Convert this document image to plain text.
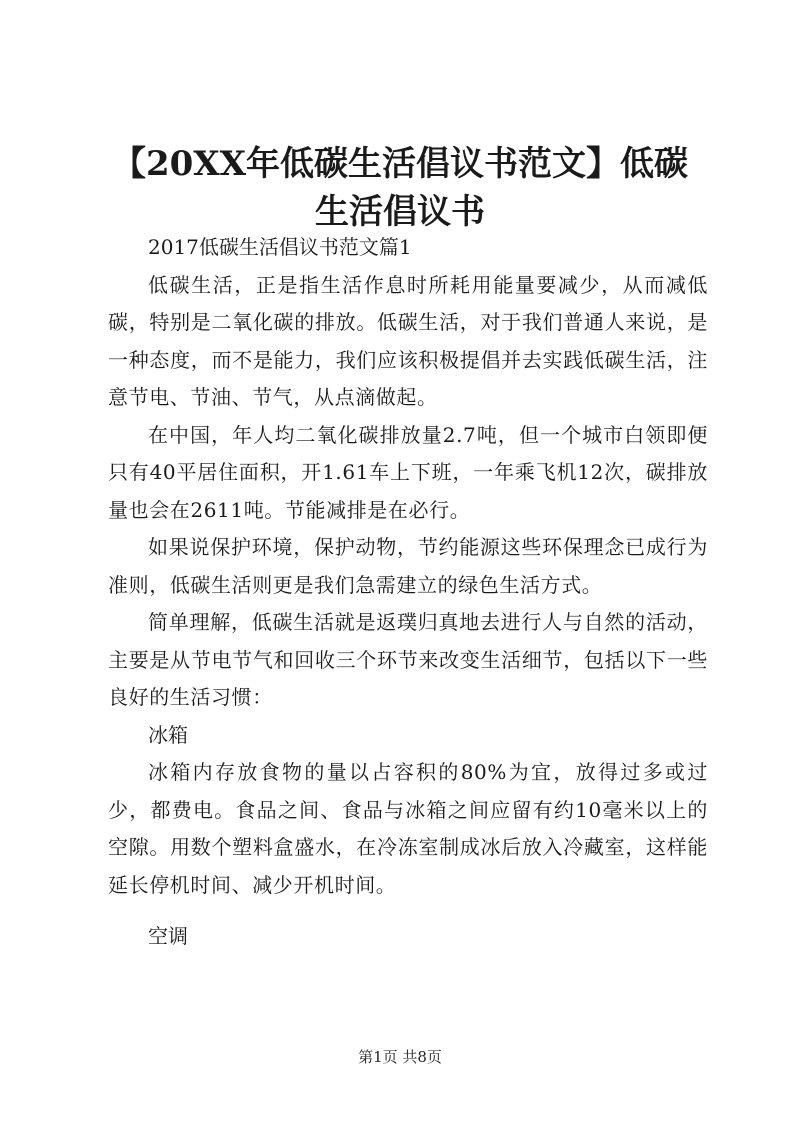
【20XX年低碳生活倡议书范文】低碳生活倡议书

2017低碳生活倡议书范文篇1

低碳生活，正是指生活作息时所耗用能量要减少，从而减低碳，特别是二氧化碳的排放。低碳生活，对于我们普通人来说，是一种态度，而不是能力，我们应该积极提倡并去实践低碳生活，注意节电、节油、节气，从点滴做起。

在中国，年人均二氧化碳排放量2.7吨，但一个城市白领即便只有40平居住面积，开1.61车上下班，一年乘飞机12次，碳排放量也会在2611吨。节能减排是在必行。

如果说保护环境，保护动物，节约能源这些环保理念已成行为准则，低碳生活则更是我们急需建立的绿色生活方式。

简单理解，低碳生活就是返璞归真地去进行人与自然的活动，主要是从节电节气和回收三个环节来改变生活细节，包括以下一些良好的生活习惯：

冰箱

冰箱内存放食物的量以占容积的80%为宜，放得过多或过少，都费电。食品之间、食品与冰箱之间应留有约10毫米以上的空隙。用数个塑料盒盛水，在冷冻室制成冰后放入冷藏室，这样能延长停机时间、减少开机时间。

空调

第1页 共8页
